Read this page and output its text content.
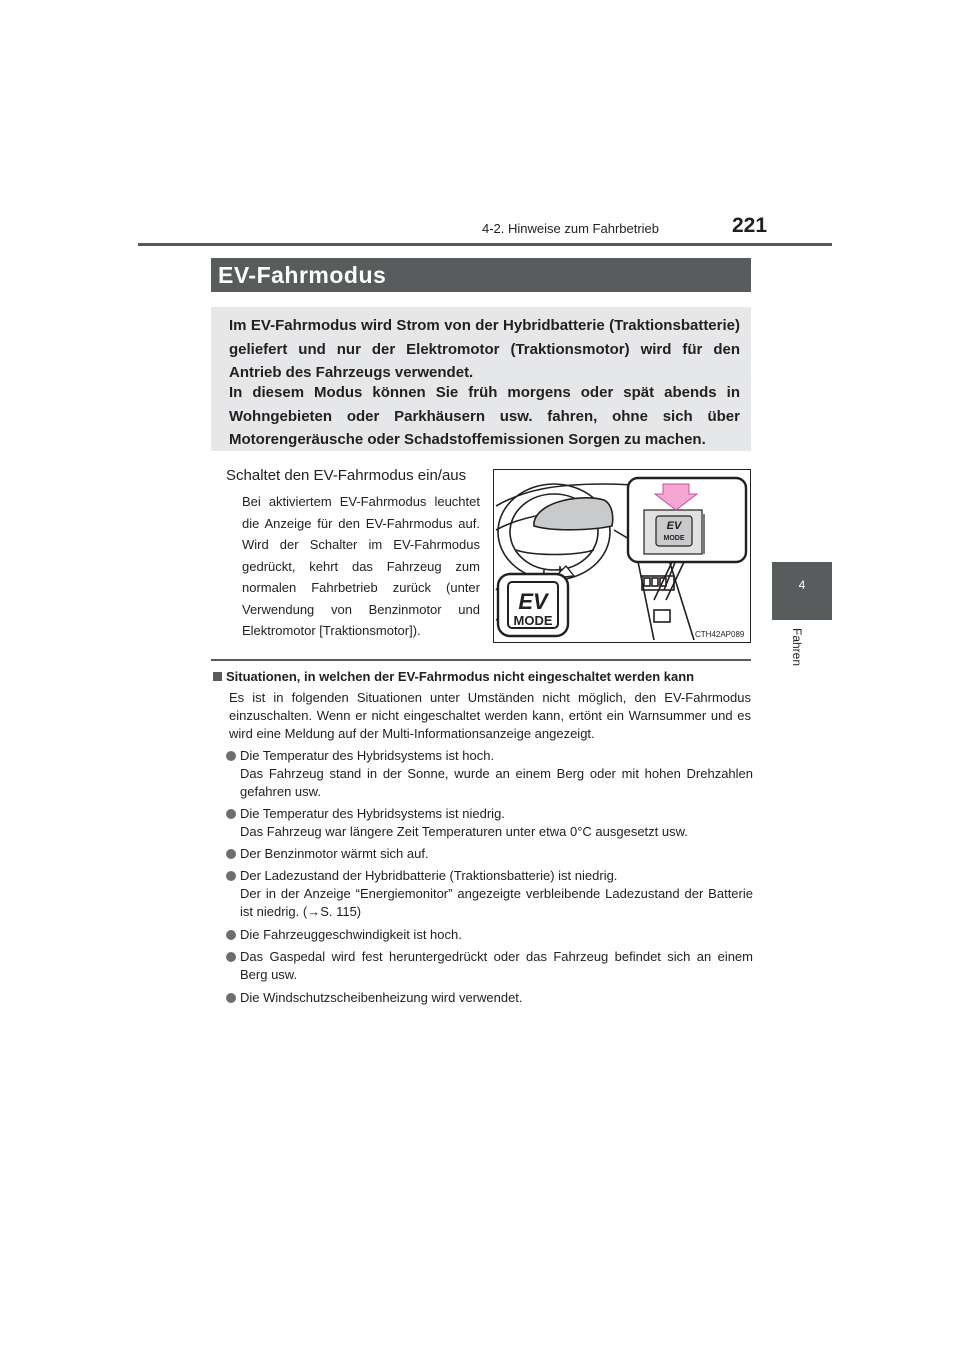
4-2. Hinweise zum Fahrbetrieb	221
4
Fahren
EV-Fahrmodus

Im EV-Fahrmodus wird Strom von der Hybridbatterie (Traktionsbatterie) geliefert und nur der Elektromotor (Traktionsmotor) wird für den Antrieb des Fahrzeugs verwendet.

In diesem Modus können Sie früh morgens oder spät abends in Wohngebieten oder Parkhäusern usw. fahren, ohne sich über Motorengeräusche oder Schadstoffemissionen Sorgen zu machen.

Schaltet den EV-Fahrmodus ein/aus

Bei aktiviertem EV-Fahrmodus leuchtet die Anzeige für den EV-Fahrmodus auf. Wird der Schalter im EV-Fahrmodus gedrückt, kehrt das Fahrzeug zum normalen Fahrbetrieb zurück (unter Verwendung von Benzinmotor und Elektromotor [Traktionsmotor]).

EV
MODE
EV
MODE
CTH42AP089
Situationen, in welchen der EV-Fahrmodus nicht eingeschaltet werden kann

Es ist in folgenden Situationen unter Umständen nicht möglich, den EV-Fahrmodus einzuschalten. Wenn er nicht eingeschaltet werden kann, ertönt ein Warnsummer und es wird eine Meldung auf der Multi-Informationsanzeige angezeigt.

Die Temperatur des Hybridsystems ist hoch.
Das Fahrzeug stand in der Sonne, wurde an einem Berg oder mit hohen Drehzahlen gefahren usw.
Die Temperatur des Hybridsystems ist niedrig.
Das Fahrzeug war längere Zeit Temperaturen unter etwa 0°C ausgesetzt usw.
Der Benzinmotor wärmt sich auf.
Der Ladezustand der Hybridbatterie (Traktionsbatterie) ist niedrig.
Der in der Anzeige “Energiemonitor” angezeigte verbleibende Ladezustand der Batterie ist niedrig. (→S. 115)
Die Fahrzeuggeschwindigkeit ist hoch.
Das Gaspedal wird fest heruntergedrückt oder das Fahrzeug befindet sich an einem Berg usw.
Die Windschutzscheibenheizung wird verwendet.
